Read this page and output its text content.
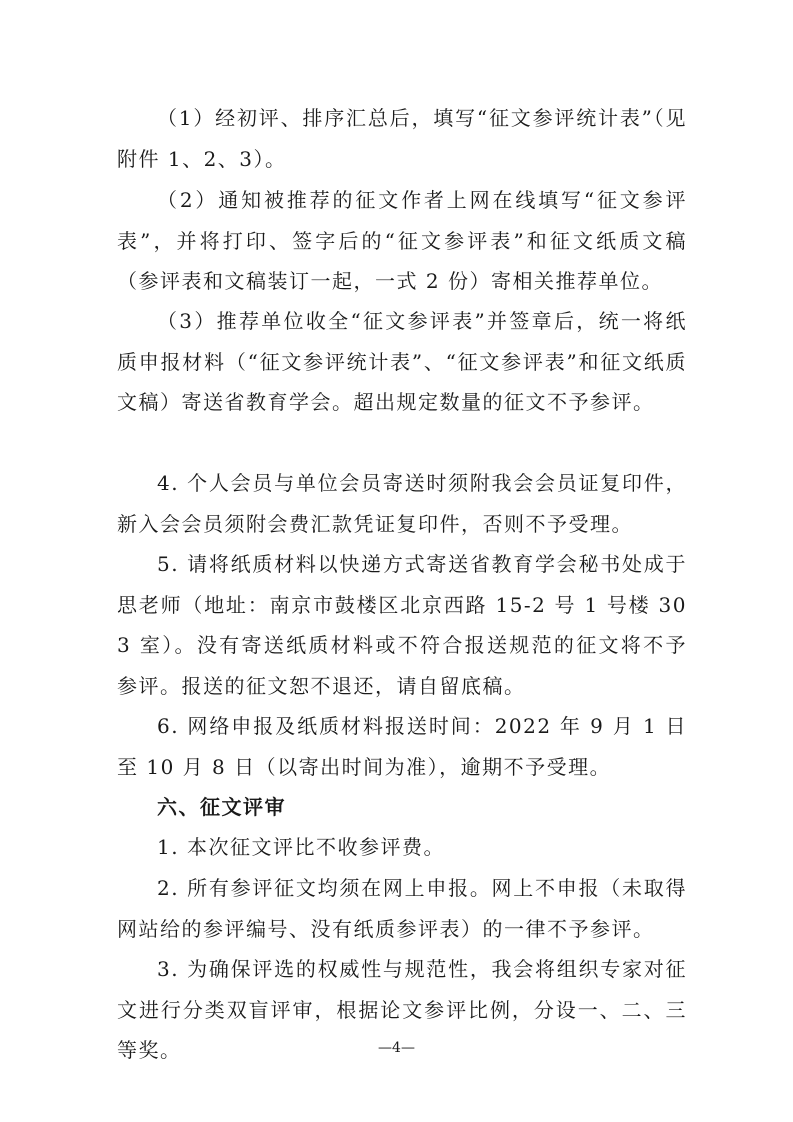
（1）经初评、排序汇总后，填写“征文参评统计表”（见附件 1、2、3）。

（2）通知被推荐的征文作者上网在线填写“征文参评表”，并将打印、签字后的“征文参评表”和征文纸质文稿（参评表和文稿装订一起，一式 2 份）寄相关推荐单位。

（3）推荐单位收全“征文参评表”并签章后，统一将纸质申报材料（“征文参评统计表”、“征文参评表”和征文纸质文稿）寄送省教育学会。超出规定数量的征文不予参评。

4. 个人会员与单位会员寄送时须附我会会员证复印件，新入会会员须附会费汇款凭证复印件，否则不予受理。

5. 请将纸质材料以快递方式寄送省教育学会秘书处成于思老师（地址：南京市鼓楼区北京西路 15-2 号 1 号楼 303 室）。没有寄送纸质材料或不符合报送规范的征文将不予参评。报送的征文恕不退还，请自留底稿。

6. 网络申报及纸质材料报送时间：2022 年 9 月 1 日至 10 月 8 日（以寄出时间为准），逾期不予受理。

六、征文评审

1. 本次征文评比不收参评费。

2. 所有参评征文均须在网上申报。网上不申报（未取得网站给的参评编号、没有纸质参评表）的一律不予参评。

3. 为确保评选的权威性与规范性，我会将组织专家对征文进行分类双盲评审，根据论文参评比例，分设一、二、三等奖。	—4—
